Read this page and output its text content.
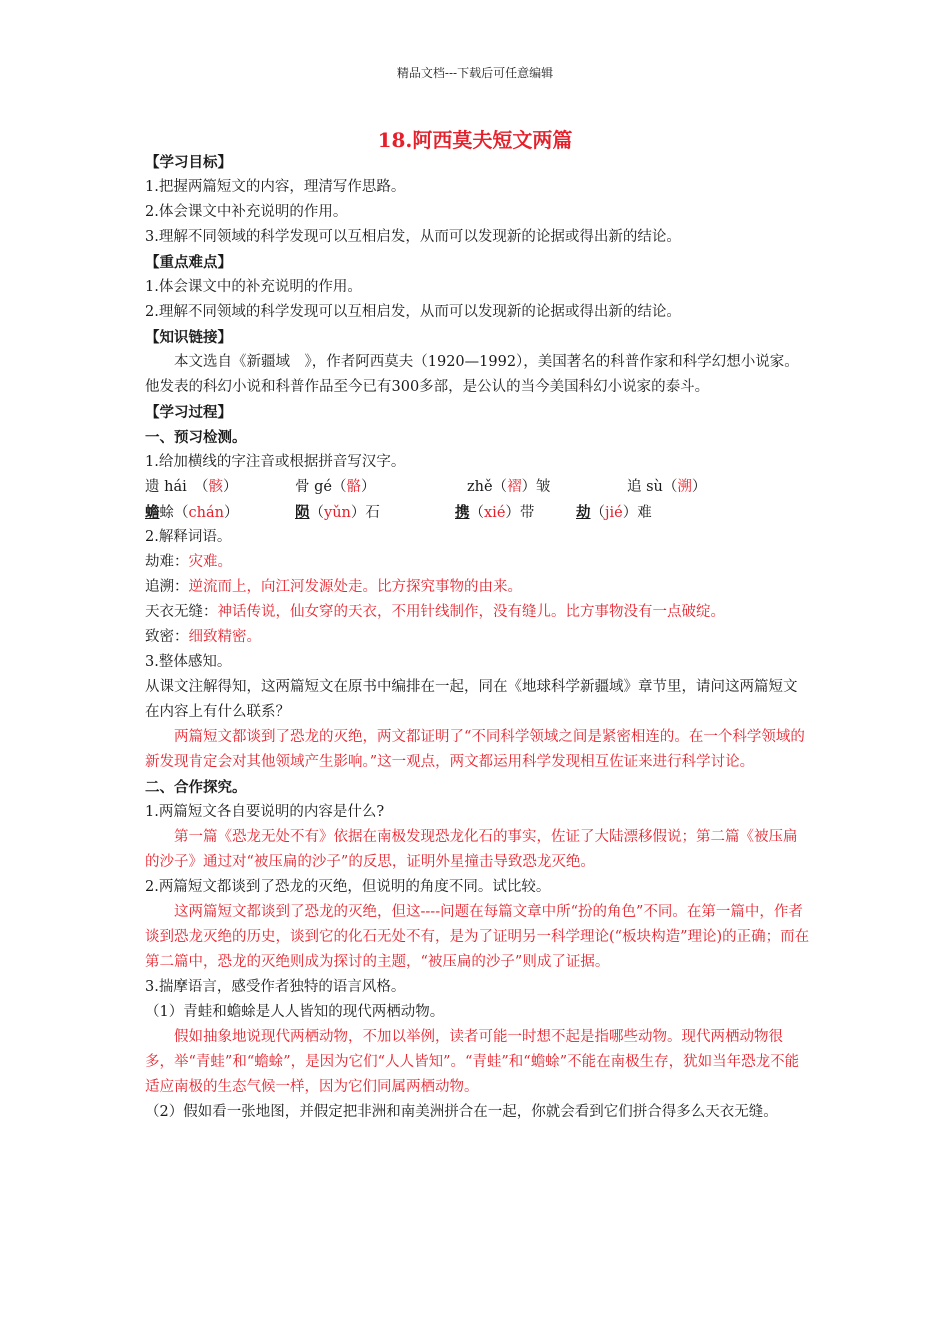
精品文档---下载后可任意编辑
18.阿西莫夫短文两篇

【学习目标】

1.把握两篇短文的内容，理清写作思路。

2.体会课文中补充说明的作用。

3.理解不同领域的科学发现可以互相启发，从而可以发现新的论据或得出新的结论。

【重点难点】

1.体会课文中的补充说明的作用。

2.理解不同领域的科学发现可以互相启发，从而可以发现新的论据或得出新的结论。

【知识链接】

本文选自《新疆域　》，作者阿西莫夫（1920—1992），美国著名的科普作家和科学幻想小说家。他发表的科幻小说和科普作品至今已有300多部，是公认的当今美国科幻小说家的泰斗。

【学习过程】

一、预习检测。

1.给加横线的字注音或根据拼音写汉字。

遗 hái　（骸）	骨 gé（骼）	zhě（褶）皱	追 sù（溯）
蟾蜍（chán）	陨（yǔn）石	携（xié）带	劫（jié）难

2.解释词语。

劫难：灾难。

追溯：逆流而上，向江河发源处走。比方探究事物的由来。

天衣无缝：神话传说，仙女穿的天衣，不用针线制作，没有缝儿。比方事物没有一点破绽。

致密：细致精密。

3.整体感知。

从课文注解得知，这两篇短文在原书中编排在一起，同在《地球科学新疆域》章节里，请问这两篇短文在内容上有什么联系？

两篇短文都谈到了恐龙的灭绝，两文都证明了“不同科学领域之间是紧密相连的。在一个科学领域的新发现肯定会对其他领域产生影响。”这一观点，两文都运用科学发现相互佐证来进行科学讨论。

二、合作探究。

1.两篇短文各自要说明的内容是什么?

第一篇《恐龙无处不有》依据在南极发现恐龙化石的事实，佐证了大陆漂移假说；第二篇《被压扁的沙子》通过对“被压扁的沙子”的反思，证明外星撞击导致恐龙灭绝。

2.两篇短文都谈到了恐龙的灭绝，但说明的角度不同。试比较。

这两篇短文都谈到了恐龙的灭绝，但这----问题在每篇文章中所“扮的角色”不同。在第一篇中，作者谈到恐龙灭绝的历史，谈到它的化石无处不有，是为了证明另一科学理论(“板块构造”理论)的正确；而在第二篇中，恐龙的灭绝则成为探讨的主题，“被压扁的沙子”则成了证据。

3.揣摩语言，感受作者独特的语言风格。

（1）青蛙和蟾蜍是人人皆知的现代两栖动物。

假如抽象地说现代两栖动物，不加以举例，读者可能一时想不起是指哪些动物。现代两栖动物很多，举“青蛙”和“蟾蜍”，是因为它们“人人皆知”。“青蛙”和“蟾蜍”不能在南极生存，犹如当年恐龙不能适应南极的生态气候一样，因为它们同属两栖动物。

（2）假如看一张地图，并假定把非洲和南美洲拼合在一起，你就会看到它们拼合得多么天衣无缝。
